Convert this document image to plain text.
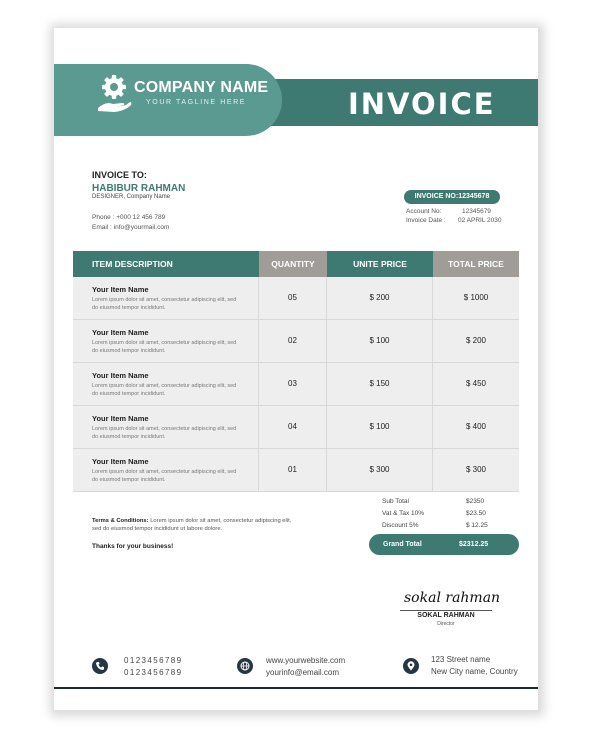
INVOICE
COMPANY NAME
YOUR TAGLINE HERE
INVOICE TO:
HABIBUR RAHMAN
DESIGNER, Company Name
Phone : +000 12 456 789
Email : info@yourmail.com
INVOICE NO:12345678
Account No:	12345679
Invoice Date : 02 APRIL 2030
ITEM DESCRIPTION	QUANTITY	UNITE PRICE	TOTAL PRICE
Your Item Name
Lorem ipsum dolor sit amet, consectetur adipiscing elit, sed do eiusmod tempor incididunt.
05	$ 200	$ 1000
Your Item Name
Lorem ipsum dolor sit amet, consectetur adipiscing elit, sed do eiusmod tempor incididunt.
02	$ 100	$ 200
Your Item Name
Lorem ipsum dolor sit amet, consectetur adipiscing elit, sed do eiusmod tempor incididunt.
03	$ 150	$ 450
Your Item Name
Lorem ipsum dolor sit amet, consectetur adipiscing elit, sed do eiusmod tempor incididunt.
04	$ 100	$ 400
Your Item Name
Lorem ipsum dolor sit amet, consectetur adipiscing elit, sed do eiusmod tempor incididunt.
01	$ 300	$ 300
Sub Total	$2350
Vat & Tax 10%	$23.50
Discount 5%	$ 12.25
Grand Total	$2312.25
Terms & Conditions: Lorem ipsum dolor sit amet, consectetur adipiscing elit, sed do eiusmod tempor incididunt ut labore dolore.
Thanks for your business!
sokal rahman
SOKAL RAHMAN
Director
0123456789
0123456789
www.yourwebsite.com
yourinfo@email.com
123 Street name
New City name, Country
